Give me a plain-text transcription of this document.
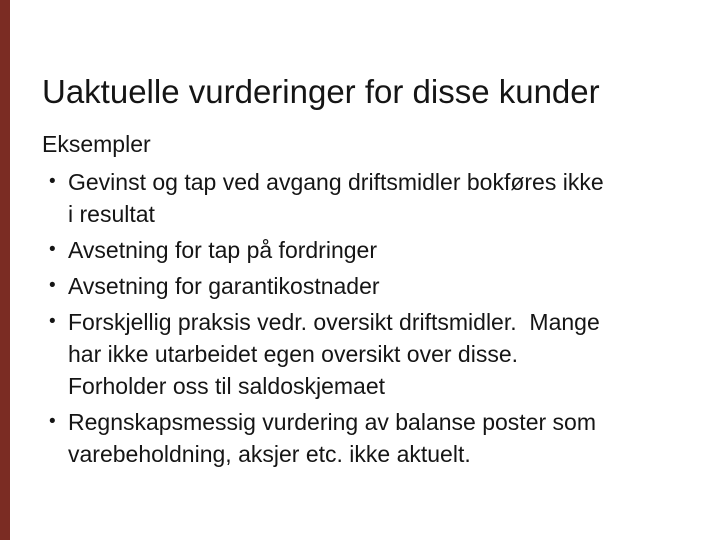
Uaktuelle vurderinger for disse kunder
Eksempler
• Gevinst og tap ved avgang driftsmidler bokføres ikke
i resultat
• Avsetning for tap på fordringer
• Avsetning for garantikostnader
• Forskjellig praksis vedr. oversikt driftsmidler.  Mange
har ikke utarbeidet egen oversikt over disse.
Forholder oss til saldoskjemaet
• Regnskapsmessig vurdering av balanse poster som
varebeholdning, aksjer etc. ikke aktuelt.
